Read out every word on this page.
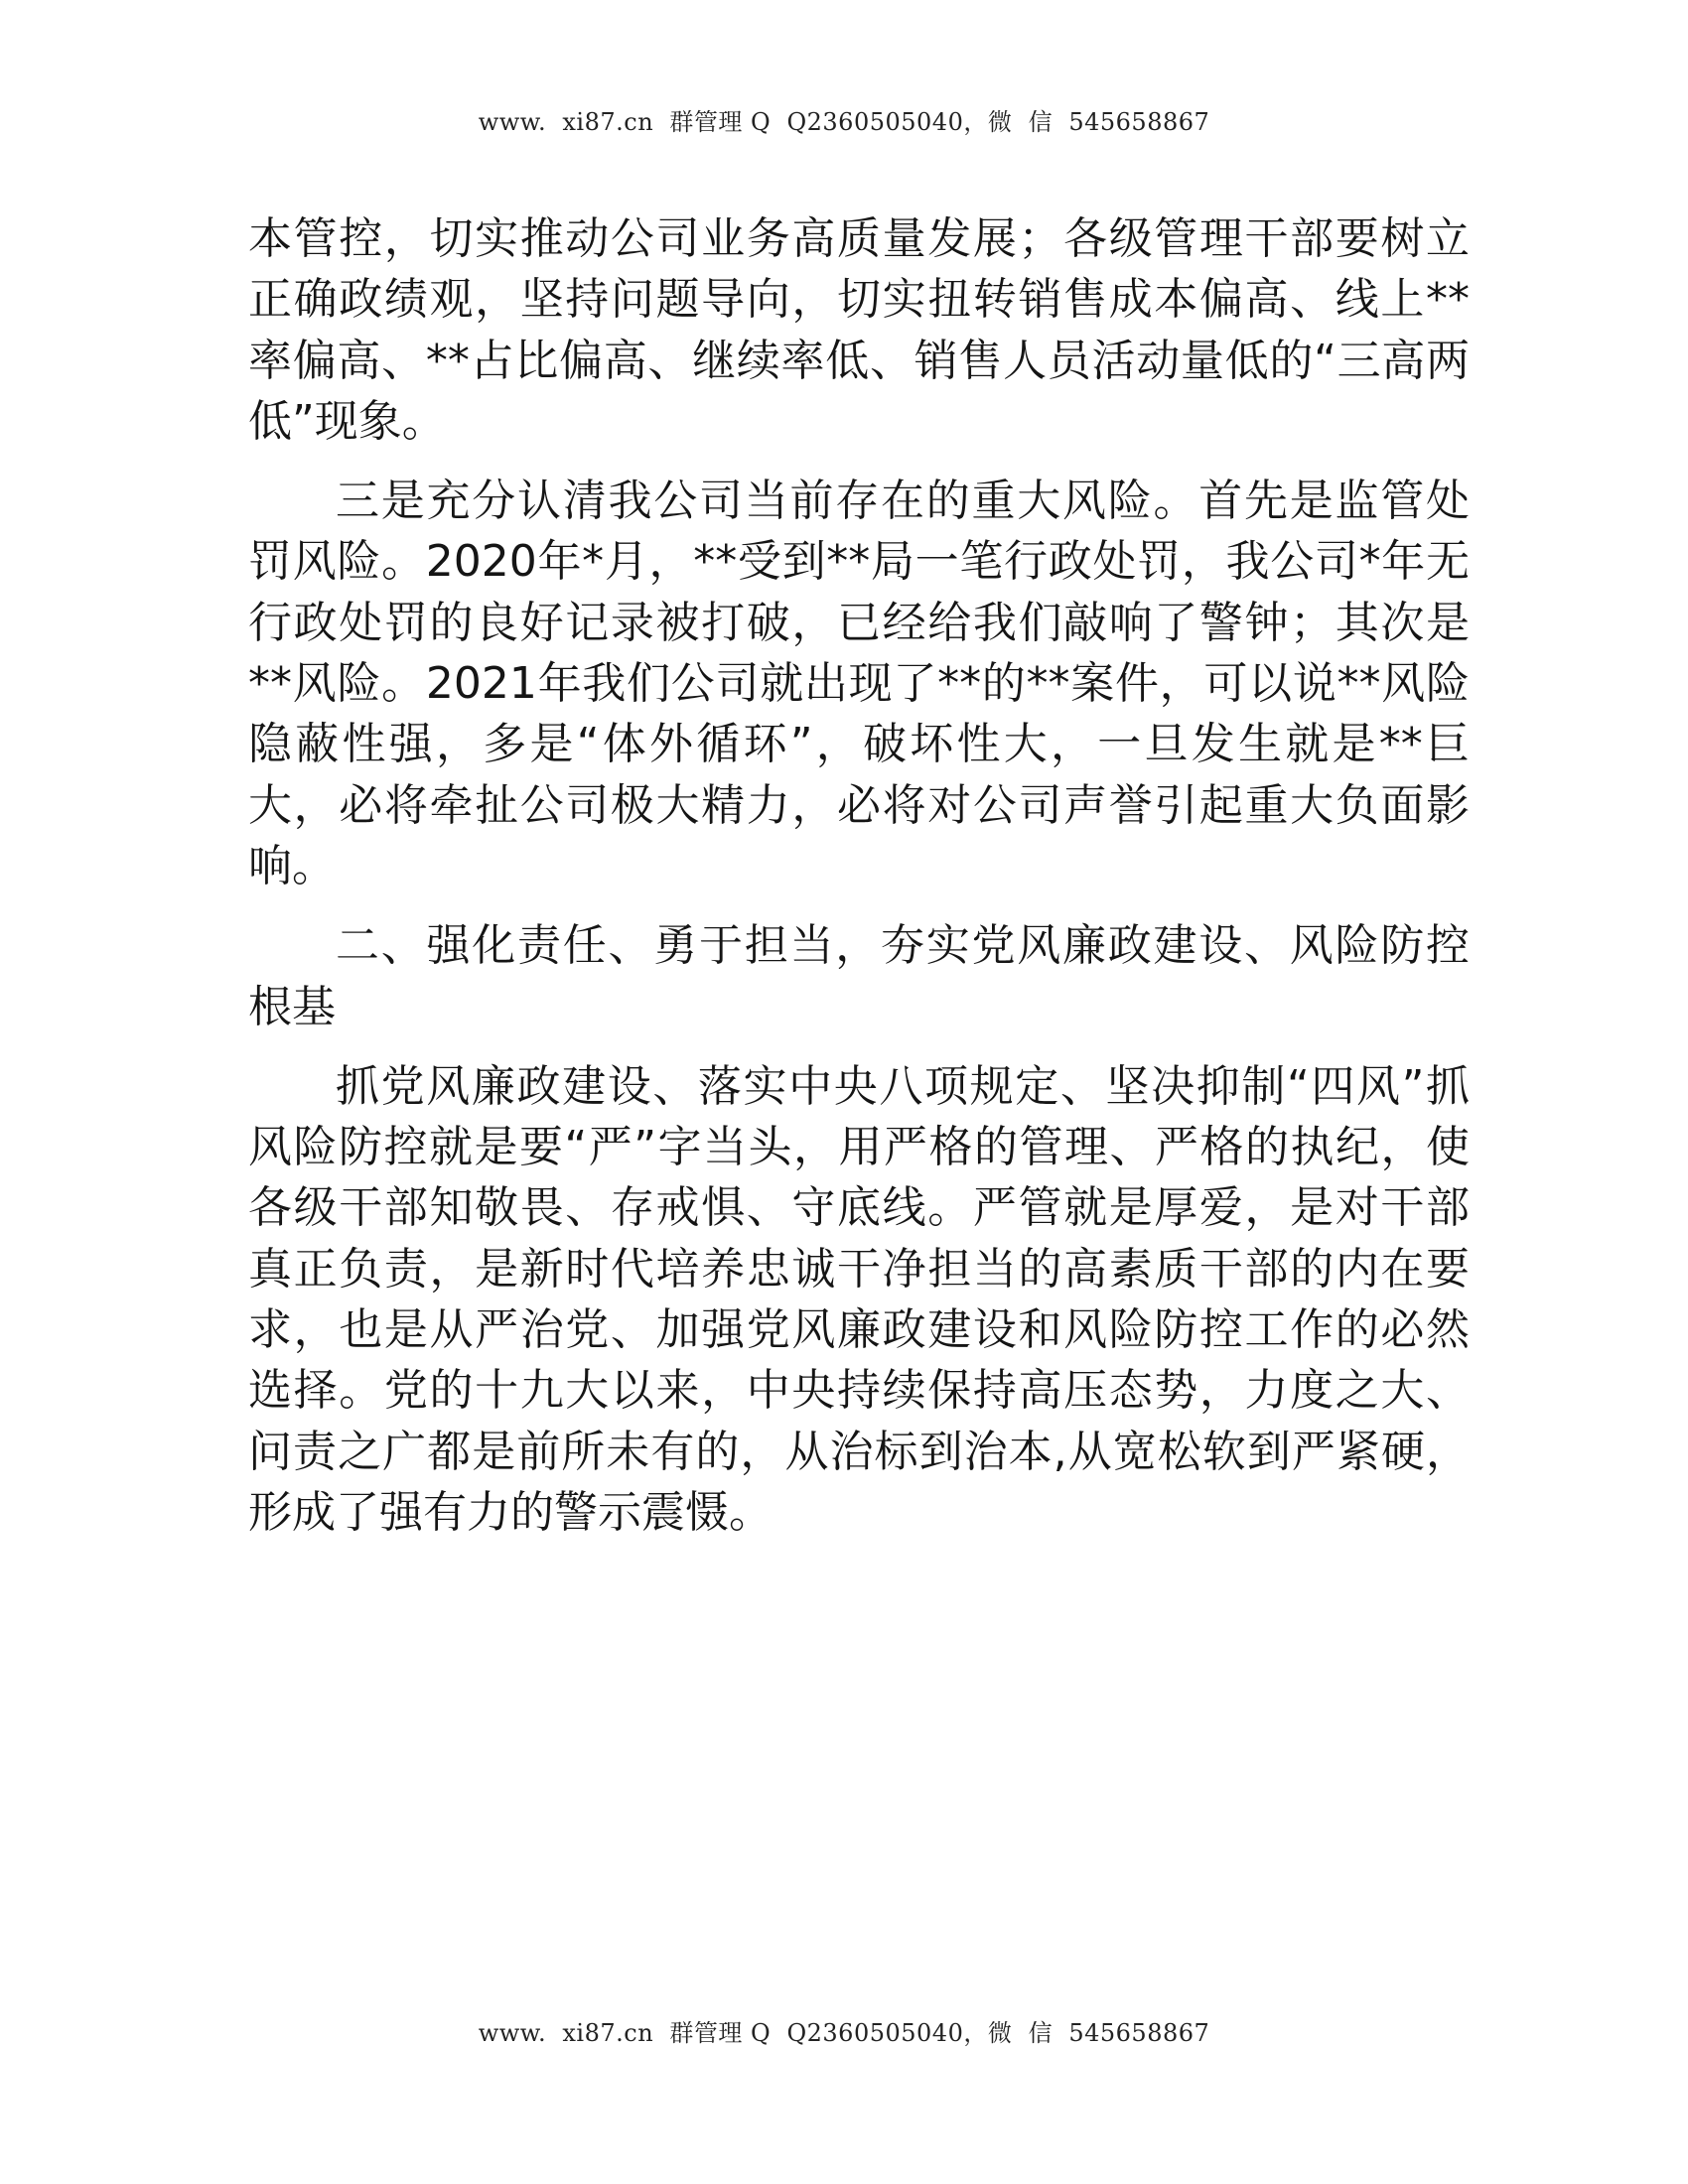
www.  xi87.cn  群管理 Q  Q2360505040，微  信  545658867

本管控，切实推动公司业务高质量发展；各级管理干部要树立正确政绩观，坚持问题导向，切实扭转销售成本偏高、线上**率偏高、**占比偏高、继续率低、销售人员活动量低的“三高两低”现象。

三是充分认清我公司当前存在的重大风险。首先是监管处罚风险。2020年*月，**受到**局一笔行政处罚，我公司*年无行政处罚的良好记录被打破，已经给我们敲响了警钟；其次是**风险。2021年我们公司就出现了**的**案件，可以说**风险隐蔽性强，多是“体外循环”，破坏性大，一旦发生就是**巨大，必将牵扯公司极大精力，必将对公司声誉引起重大负面影响。

二、强化责任、勇于担当，夯实党风廉政建设、风险防控根基

抓党风廉政建设、落实中央八项规定、坚决抑制“四风”抓风险防控就是要“严”字当头，用严格的管理、严格的执纪，使各级干部知敬畏、存戒惧、守底线。严管就是厚爱，是对干部真正负责，是新时代培养忠诚干净担当的高素质干部的内在要求，也是从严治党、加强党风廉政建设和风险防控工作的必然选择。党的十九大以来，中央持续保持高压态势，力度之大、问责之广都是前所未有的，从治标到治本,从宽松软到严紧硬，形成了强有力的警示震慑。

www.  xi87.cn  群管理 Q  Q2360505040，微  信  545658867
